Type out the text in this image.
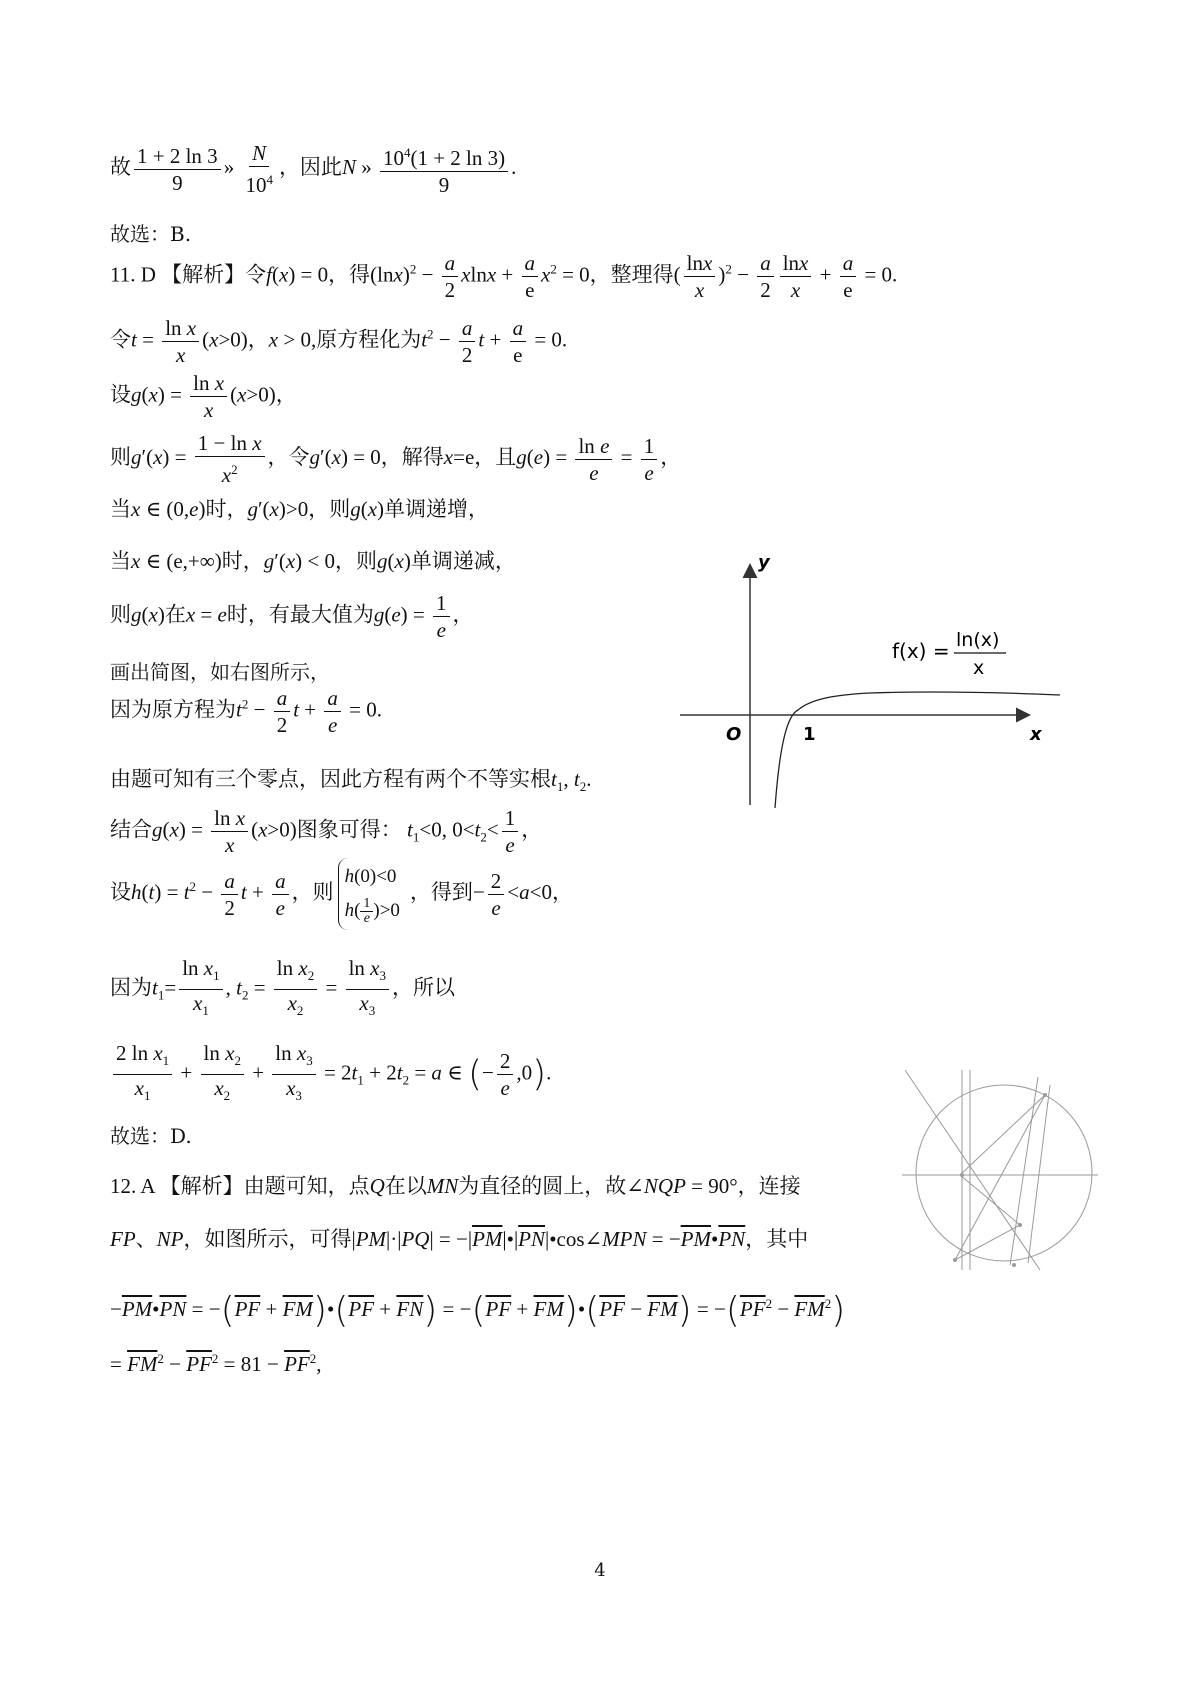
故 $\frac{1 + 2 \ln 3}{9}$ » $\frac{N}{10^4}$ ，因此N » $\frac{10^4(1 + 2 \ln 3)}{9}$ .
故选：B.
11. D 【解析】令f(x) = 0，得$(\ln x)^2 - \frac{a}{2}$ $xlnx + \frac{a}{e} x^2 = 0$，整理得( $\frac{\ln x}{x} )^2 - \frac{a}{2} \frac{\ln x}{x} + \frac{a}{e} = 0$.
令$t = \frac{\text{ln x}}{x} (x>0)$，x > 0,原方程化为$t^2 - \frac{a}{2}$ $t + \frac{a}{e} = 0$.
设$g(x) = \frac{\text{ln x}}{x} (x>0)$，
则$g'(x) = \frac{\text{1 − ln x}}{x^2}$ ，令g′(x) = 0，解得x=e，且$g(e) = \frac{\text{ln e}}{e} = \frac{1}{e}$ ，
当x ∈ (0,e)时，g′(x)>0，则g(x)单调递增，
当x ∈ (e,+∞)时，g′(x) < 0，则g(x)单调递减，
则g(x)在x = e时，有最大值为$g(e) = \frac{1}{e}$ ，
画出简图，如右图所示，
因为原方程为$t^2 - \frac{a}{2}$ $t + \frac{a}{e} = 0$.
由题可知有三个零点，因此方程有两个不等实根$t_1$, $t_2$.
结合$g(x) = \frac{\text{ln x}}{x} (x>0)$图象可得： $t_1<0$, $0<t_2< \frac{1}{e}$ ，
设$h(t) = t^2 - \frac{a}{2}$ $t + \frac{a}{e}$ ，则
h(0)<0
$h( \frac{1}{e} )>0$
，得到− $\frac{2}{e} <a<0$，
因为$t_1= \frac{\ln x_1}{x_1}$ , $t_2 = \frac{\ln x_2}{x_2} = \frac{\ln x_3}{x_3}$ ，所以
$\frac{2 \ln x_1}{x_1} + \frac{\ln x_2}{x_2} + \frac{\ln x_3}{x_3} = 2t_1 + 2t_2 = a$ ∈ (− $\frac{2}{e} ,0$).
故选：D.
12. A 【解析】由题可知，点Q在以MN为直径的圆上，故∠NQP = 90°，连接
FP、NP，如图所示，可得$|PM|\cdot|PQ| = -|\overline{PM}|•|\overline{PN}|•\cos\angle MPN$ = $-\overline{PM}•\overline{PN}$，其中
$-\overline{PM}•\overline{PN} = -(\overline{PF}$ + $\overline{FM})•(\overline{PF} + \overline{FN}) = -(\overline{PF}$ + $\overline{FM})•(\overline{PF} - \overline{FM}) = -(\overline{PF}^2 - \overline{FM}^2)$
= $\overline{FM}^2 - \overline{PF}^2 = 81 - \overline{PF}^2$,
y
x
O	1
f(x) = ln(x)
x
4
